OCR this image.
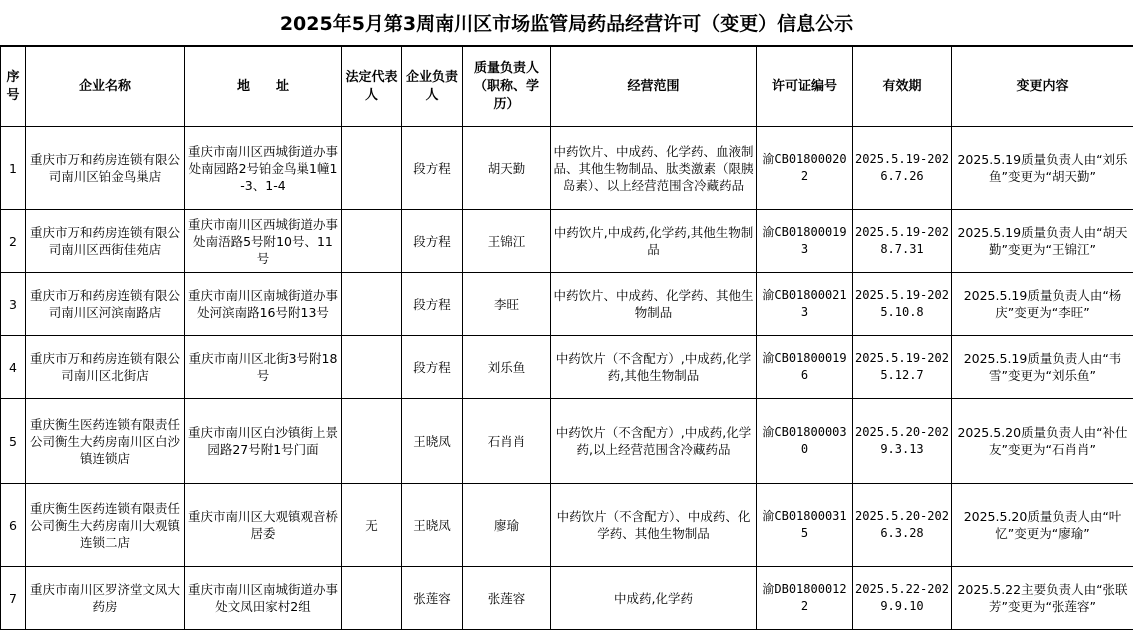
2025年5月第3周南川区市场监管局药品经营许可（变更）信息公示
序号	企业名称	地　　址	法定代表人	企业负责人	质量负责人（职称、学历）	经营范围	许可证编号	有效期	变更内容
1	重庆市万和药房连锁有限公司南川区铂金鸟巢店	重庆市南川区西城街道办事处南园路2号铂金鸟巢1幢1-3、1-4		段方程	胡天勤	中药饮片、中成药、化学药、血液制品、其他生物制品、肽类激素（限胰岛素）、以上经营范围含冷藏药品	渝CB018000202	2025.5.19-2026.7.26	2025.5.19质量负责人由“刘乐鱼”变更为“胡天勤”
2	重庆市万和药房连锁有限公司南川区西街佳苑店	重庆市南川区西城街道办事处南浯路5号附10号、11号		段方程	王锦江	中药饮片,中成药,化学药,其他生物制品	渝CB018000193	2025.5.19-2028.7.31	2025.5.19质量负责人由“胡天勤”变更为“王锦江”
3	重庆市万和药房连锁有限公司南川区河滨南路店	重庆市南川区南城街道办事处河滨南路16号附13号		段方程	李旺	中药饮片、中成药、化学药、其他生物制品	渝CB018000213	2025.5.19-2025.10.8	2025.5.19质量负责人由“杨庆”变更为“李旺”
4	重庆市万和药房连锁有限公司南川区北街店	重庆市南川区北街3号附18号		段方程	刘乐鱼	中药饮片（不含配方）,中成药,化学药,其他生物制品	渝CB018000196	2025.5.19-2025.12.7	2025.5.19质量负责人由“韦雪”变更为“刘乐鱼”
5	重庆衡生医药连锁有限责任公司衡生大药房南川区白沙镇连锁店	重庆市南川区白沙镇街上景园路27号附1号门面		王晓凤	石肖肖	中药饮片（不含配方）,中成药,化学药,以上经营范围含冷藏药品	渝CB018000030	2025.5.20-2029.3.13	2025.5.20质量负责人由“补仕友”变更为“石肖肖”
6	重庆衡生医药连锁有限责任公司衡生大药房南川大观镇连锁二店	重庆市南川区大观镇观音桥居委	无	王晓凤	廖瑜	中药饮片（不含配方）、中成药、化学药、其他生物制品	渝CB018000315	2025.5.20-2026.3.28	2025.5.20质量负责人由“叶忆”变更为“廖瑜”
7	重庆市南川区罗济堂文凤大药房	重庆市南川区南城街道办事处文凤田家村2组		张莲容	张莲容	中成药,化学药	渝DB018000122	2025.5.22-2029.9.10	2025.5.22主要负责人由“张联芳”变更为“张莲容”
